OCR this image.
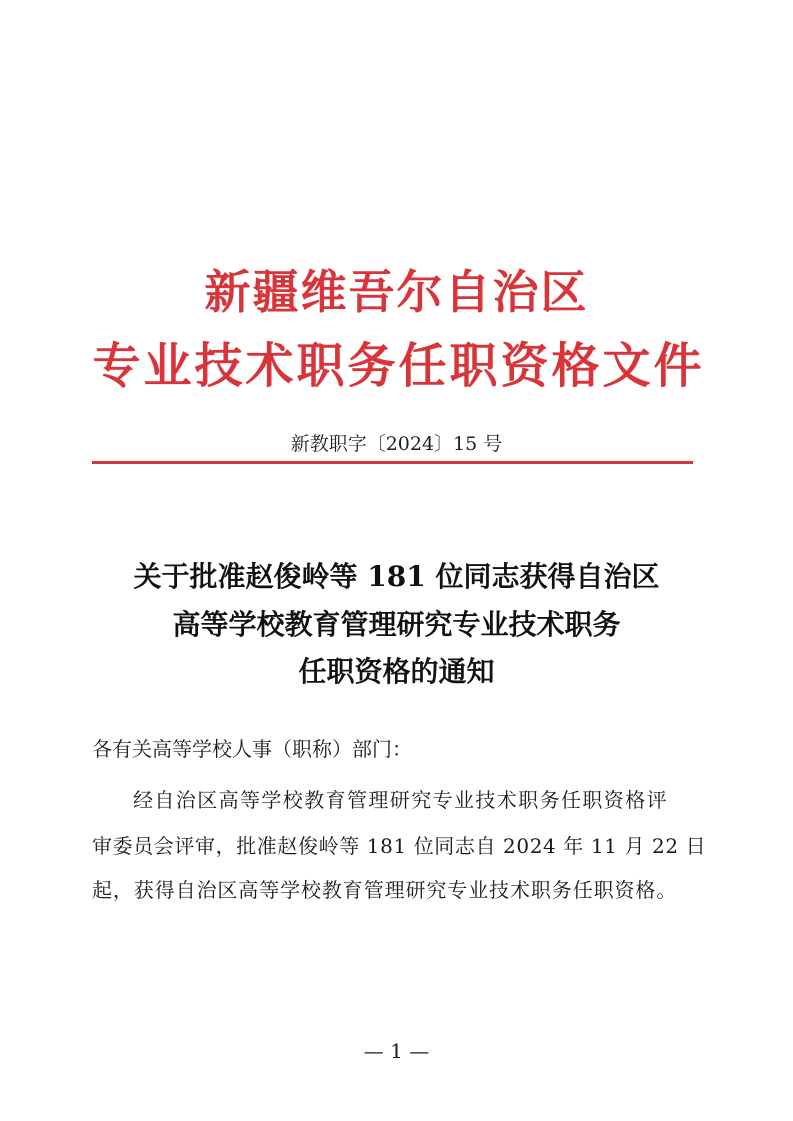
新疆维吾尔自治区
专业技术职务任职资格文件
新教职字〔2024〕15 号
关于批准赵俊岭等 181 位同志获得自治区
高等学校教育管理研究专业技术职务
任职资格的通知
各有关高等学校人事（职称）部门：
经自治区高等学校教育管理研究专业技术职务任职资格评
审委员会评审，批准赵俊岭等 181 位同志自 2024 年 11 月 22 日
起，获得自治区高等学校教育管理研究专业技术职务任职资格。
— 1 —
